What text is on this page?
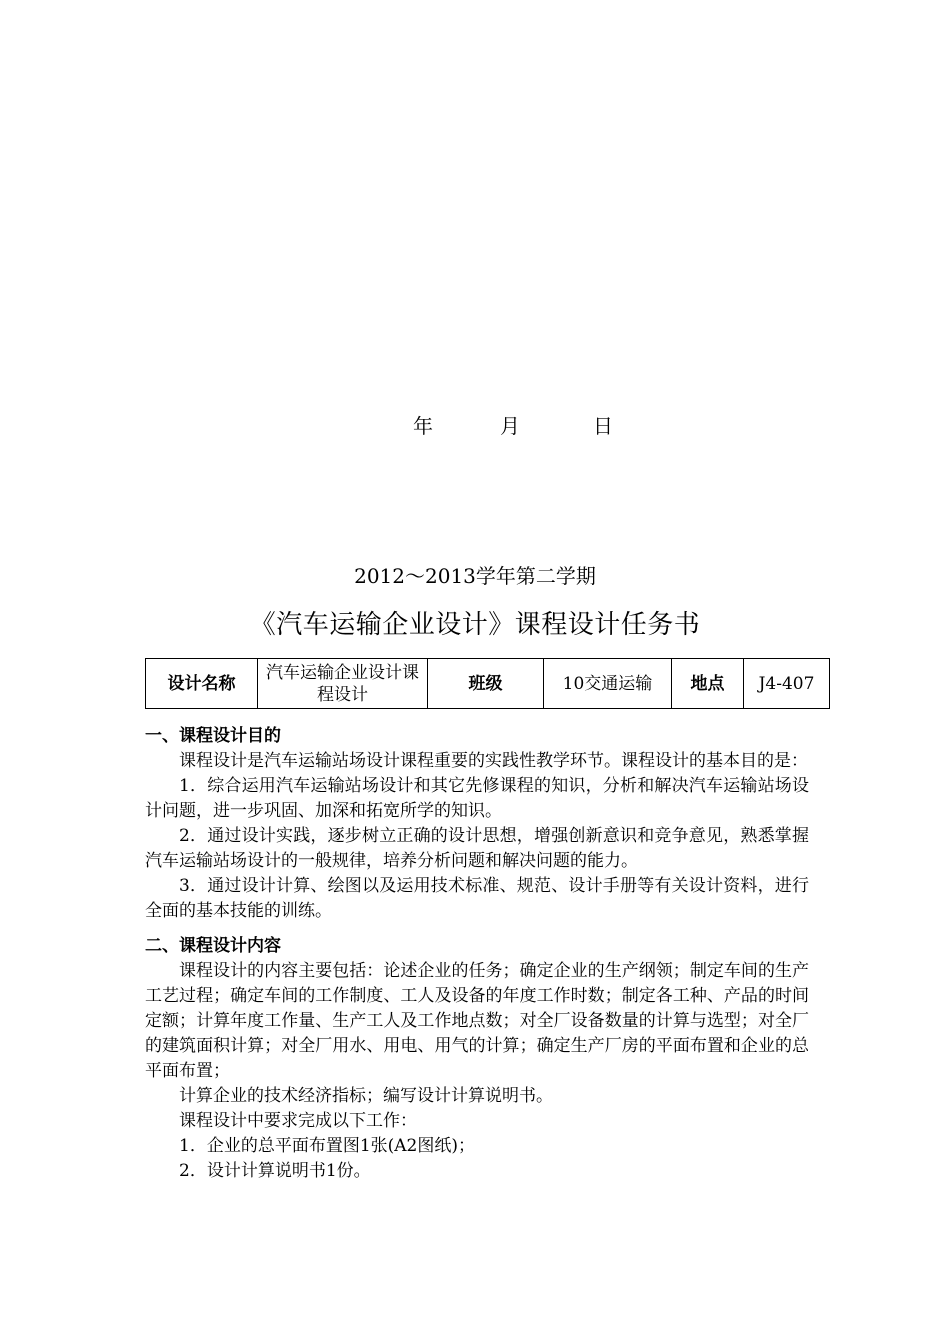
年	月	日
2012～2013学年第二学期
《汽车运输企业设计》课程设计任务书
设计名称	汽车运输企业设计课程设计	班级	10交通运输	地点	J4-407

一、课程设计目的

课程设计是汽车运输站场设计课程重要的实践性教学环节。课程设计的基本目的是：

1．综合运用汽车运输站场设计和其它先修课程的知识，分析和解决汽车运输站场设计问题，进一步巩固、加深和拓宽所学的知识。

2．通过设计实践，逐步树立正确的设计思想，增强创新意识和竞争意见，熟悉掌握汽车运输站场设计的一般规律，培养分析问题和解决问题的能力。

3．通过设计计算、绘图以及运用技术标准、规范、设计手册等有关设计资料，进行全面的基本技能的训练。

二、课程设计内容

课程设计的内容主要包括：论述企业的任务；确定企业的生产纲领；制定车间的生产工艺过程；确定车间的工作制度、工人及设备的年度工作时数；制定各工种、产品的时间定额；计算年度工作量、生产工人及工作地点数；对全厂设备数量的计算与选型；对全厂的建筑面积计算；对全厂用水、用电、用气的计算；确定生产厂房的平面布置和企业的总平面布置；

计算企业的技术经济指标；编写设计计算说明书。

课程设计中要求完成以下工作：

1．企业的总平面布置图1张(A2图纸)；

2．设计计算说明书1份。
